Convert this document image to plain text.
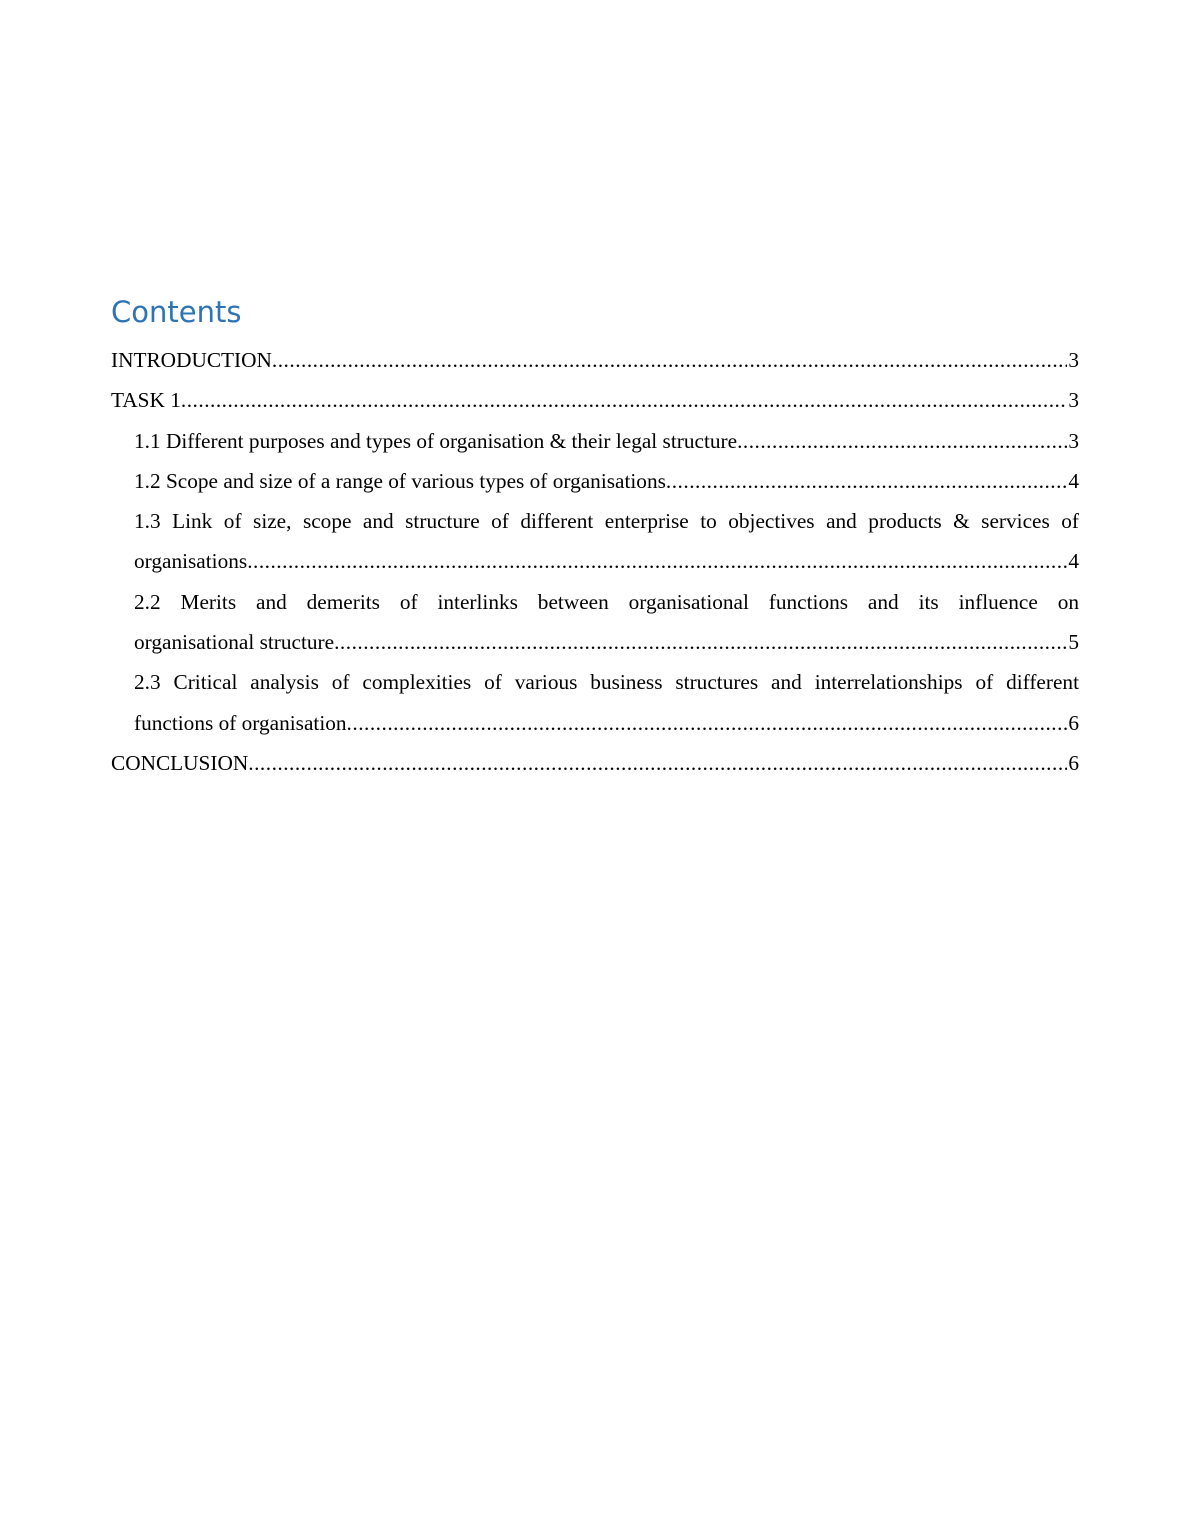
Contents
INTRODUCTION .....	3
TASK 1 .....	3
1.1 Different purposes and types of organisation & their legal structure .....	3
1.2 Scope and size of a range of various types of organisations .....	4
1.3 Link of size, scope and structure of different enterprise to objectives and products & services of
organisations .....	4
2.2 Merits and demerits of interlinks between organisational functions and its influence on
organisational structure .....	5
2.3 Critical analysis of complexities of various business structures and interrelationships of different
functions of organisation .....	6
CONCLUSION .....	6
